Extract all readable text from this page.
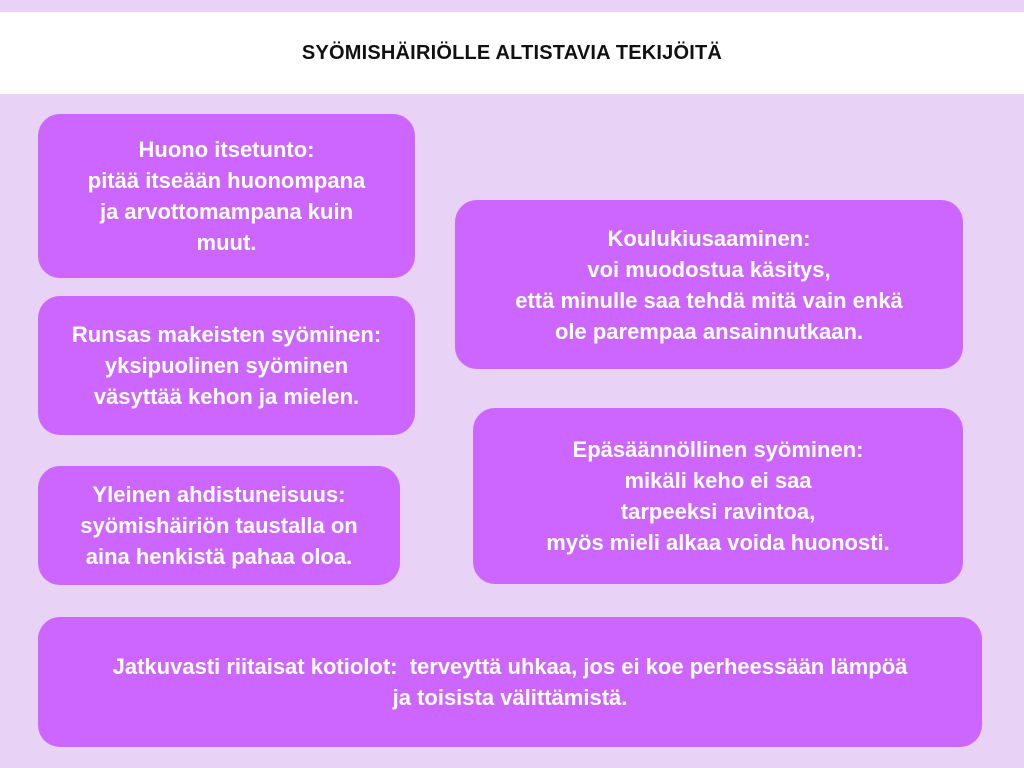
SYÖMISHÄIRIÖLLE ALTISTAVIA TEKIJÖITÄ
Huono itsetunto:
pitää itseään huonompana
ja arvottomampana kuin
muut.
Runsas makeisten syöminen:
yksipuolinen syöminen
väsyttää kehon ja mielen.
Yleinen ahdistuneisuus:
syömishäiriön taustalla on
aina henkistä pahaa oloa.
Koulukiusaaminen:
voi muodostua käsitys,
että minulle saa tehdä mitä vain enkä
ole parempaa ansainnutkaan.
Epäsäännöllinen syöminen:
mikäli keho ei saa
tarpeeksi ravintoa,
myös mieli alkaa voida huonosti.
Jatkuvasti riitaisat kotiolot:  terveyttä uhkaa, jos ei koe perheessään lämpöä
ja toisista välittämistä.
